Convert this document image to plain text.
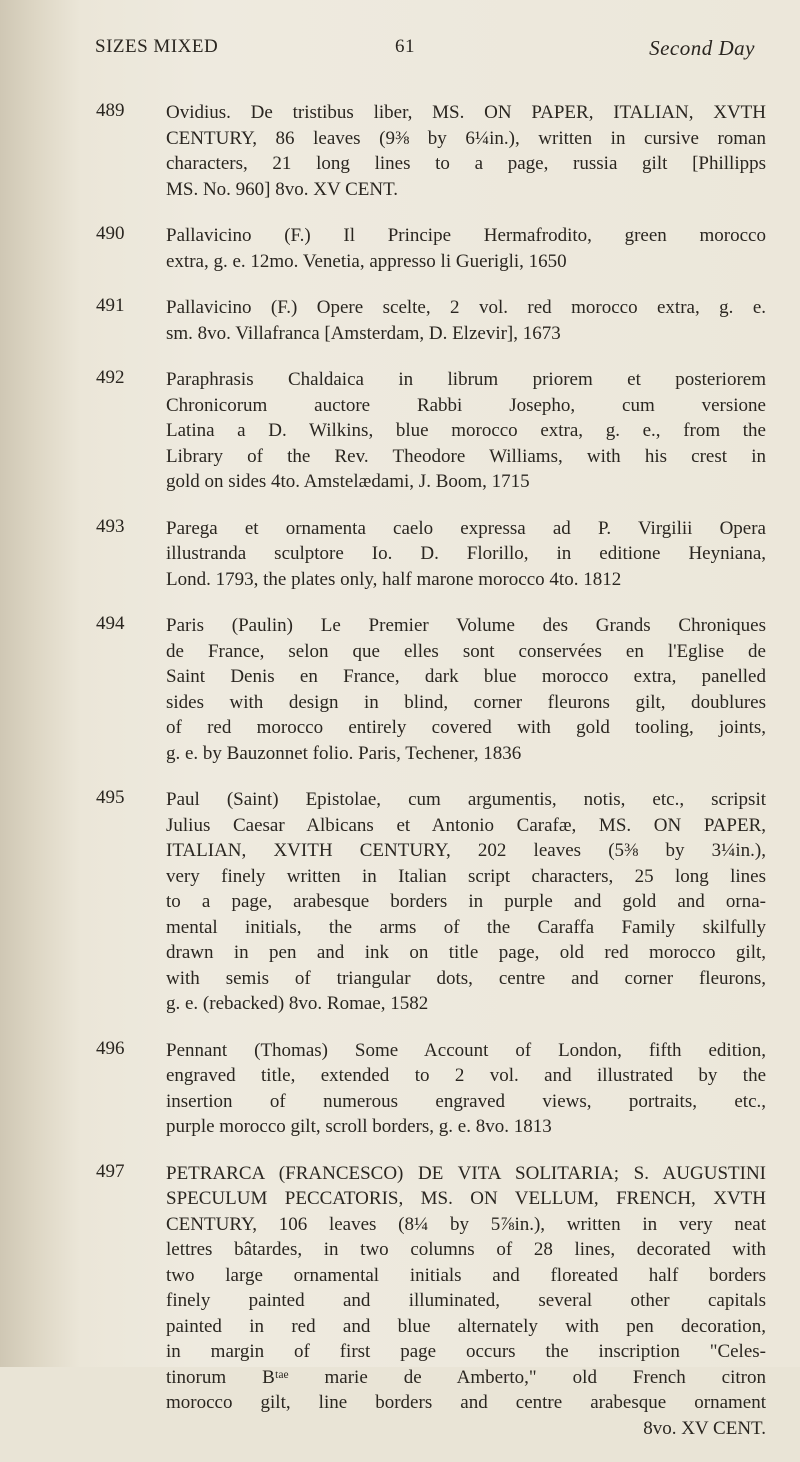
SIZES MIXED	61	Second Day
489 Ovidius. De tristibus liber, MS. ON PAPER, ITALIAN, XVTH
CENTURY, 86 leaves (9⅜ by 6¼in.), written in cursive roman
characters, 21 long lines to a page, russia gilt [Phillipps
MS. No. 960] 8vo. XV CENT.
490 Pallavicino (F.) Il Principe Hermafrodito, green morocco
extra, g. e. 12mo. Venetia, appresso li Guerigli, 1650
491 Pallavicino (F.) Opere scelte, 2 vol. red morocco extra, g. e.
sm. 8vo. Villafranca [Amsterdam, D. Elzevir], 1673
492 Paraphrasis Chaldaica in librum priorem et posteriorem
Chronicorum auctore Rabbi Josepho, cum versione
Latina a D. Wilkins, blue morocco extra, g. e., from the
Library of the Rev. Theodore Williams, with his crest in
gold on sides 4to. Amstelædami, J. Boom, 1715
493 Parega et ornamenta caelo expressa ad P. Virgilii Opera
illustranda sculptore Io. D. Florillo, in editione Heyniana,
Lond. 1793, the plates only, half marone morocco 4to. 1812
494 Paris (Paulin) Le Premier Volume des Grands Chroniques
de France, selon que elles sont conservées en l'Eglise de
Saint Denis en France, dark blue morocco extra, panelled
sides with design in blind, corner fleurons gilt, doublures
of red morocco entirely covered with gold tooling, joints,
g. e. by Bauzonnet folio. Paris, Techener, 1836
495 Paul (Saint) Epistolae, cum argumentis, notis, etc., scripsit
Julius Caesar Albicans et Antonio Carafæ, MS. ON PAPER,
ITALIAN, XVITH CENTURY, 202 leaves (5⅜ by 3¼in.),
very finely written in Italian script characters, 25 long lines
to a page, arabesque borders in purple and gold and orna-
mental initials, the arms of the Caraffa Family skilfully
drawn in pen and ink on title page, old red morocco gilt,
with semis of triangular dots, centre and corner fleurons,
g. e. (rebacked) 8vo. Romae, 1582
496 Pennant (Thomas) Some Account of London, fifth edition,
engraved title, extended to 2 vol. and illustrated by the
insertion of numerous engraved views, portraits, etc.,
purple morocco gilt, scroll borders, g. e. 8vo. 1813
497 PETRARCA (FRANCESCO) DE VITA SOLITARIA; S. AUGUSTINI
SPECULUM PECCATORIS, MS. ON VELLUM, FRENCH, XVTH
CENTURY, 106 leaves (8¼ by 5⅞in.), written in very neat
lettres bâtardes, in two columns of 28 lines, decorated with
two large ornamental initials and floreated half borders
finely painted and illuminated, several other capitals
painted in red and blue alternately with pen decoration,
in margin of first page occurs the inscription "Celes-
tinorum Bᵗᵃᵉ marie de Amberto," old French citron
morocco gilt, line borders and centre arabesque ornament
8vo. XV CENT.
